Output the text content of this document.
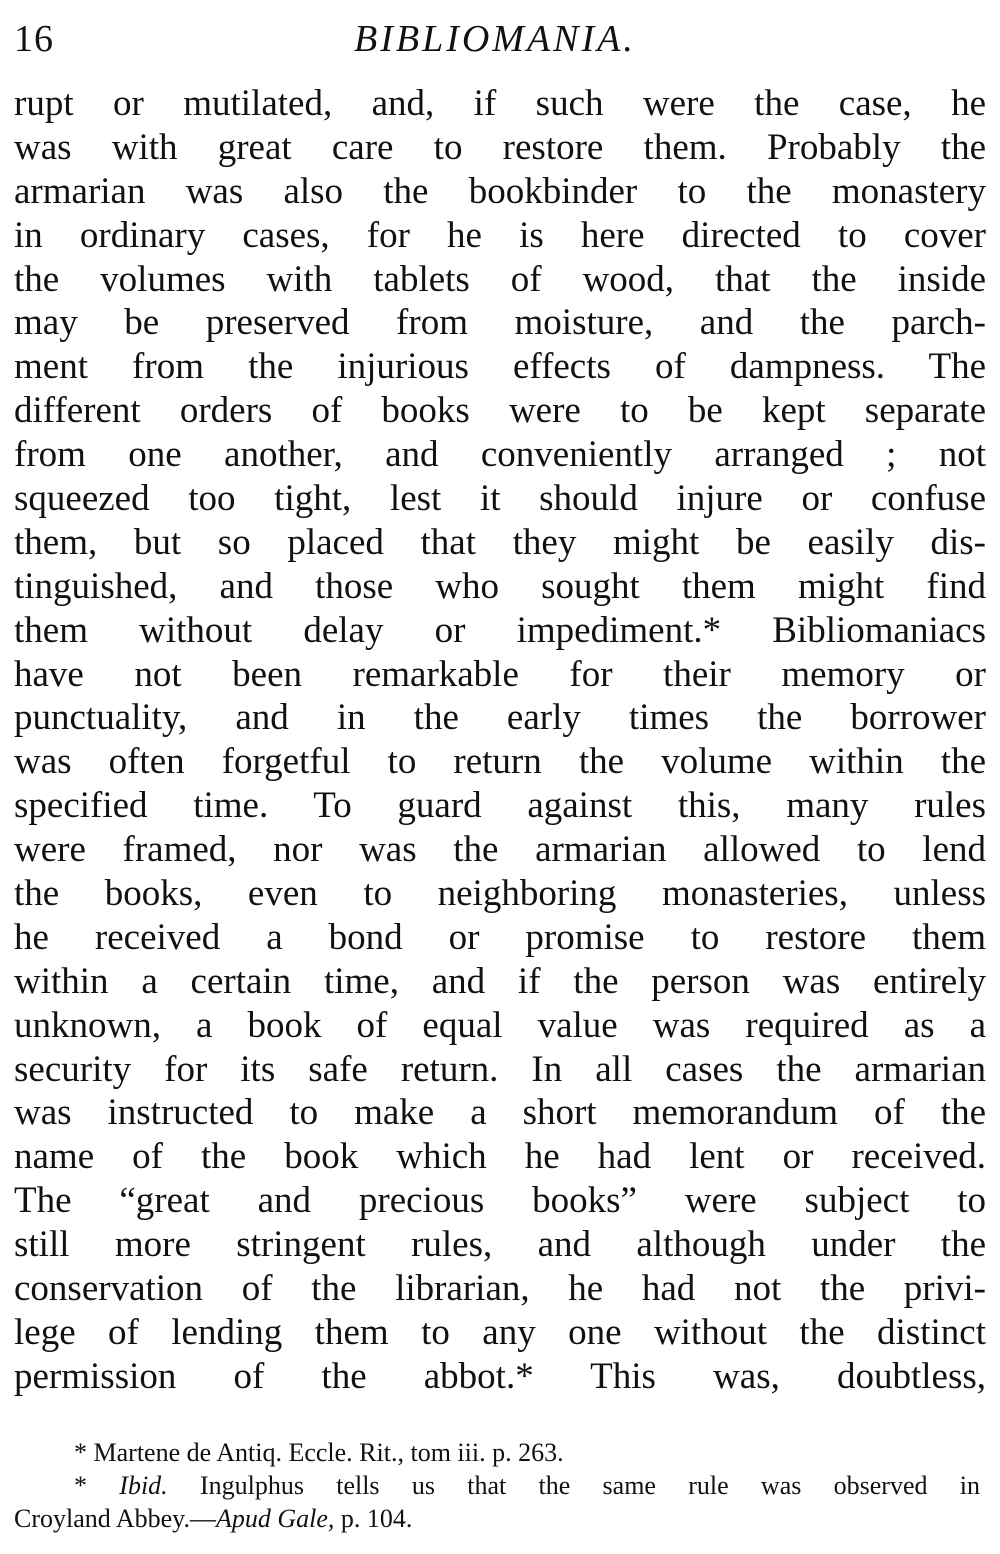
16	BIBLIOMANIA.
rupt or mutilated, and, if such were the case, he
was with great care to restore them. Probably the
armarian was also the bookbinder to the monastery
in ordinary cases, for he is here directed to cover
the volumes with tablets of wood, that the inside
may be preserved from moisture, and the parch-
ment from the injurious effects of dampness. The
different orders of books were to be kept separate
from one another, and conveniently arranged ; not
squeezed too tight, lest it should injure or confuse
them, but so placed that they might be easily dis-
tinguished, and those who sought them might find
them without delay or impediment.* Bibliomaniacs
have not been remarkable for their memory or
punctuality, and in the early times the borrower
was often forgetful to return the volume within the
specified time. To guard against this, many rules
were framed, nor was the armarian allowed to lend
the books, even to neighboring monasteries, unless
he received a bond or promise to restore them
within a certain time, and if the person was entirely
unknown, a book of equal value was required as a
security for its safe return. In all cases the armarian
was instructed to make a short memorandum of the
name of the book which he had lent or received.
The “great and precious books” were subject to
still more stringent rules, and although under the
conservation of the librarian, he had not the privi-
lege of lending them to any one without the distinct
permission of the abbot.* This was, doubtless,
* Martene de Antiq. Eccle. Rit., tom iii. p. 263.
* Ibid. Ingulphus tells us that the same rule was observed in
Croyland Abbey.—Apud Gale, p. 104.
